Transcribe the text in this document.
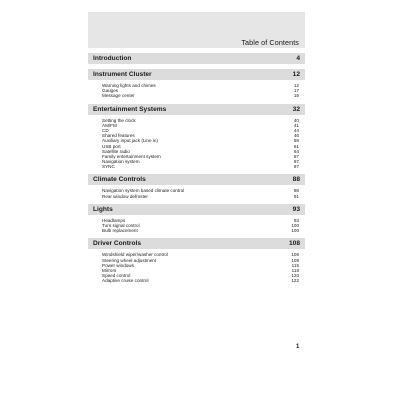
Table of Contents
Introduction	4
Instrument Cluster	12
Warning lights and chimes	12
Gauges	17
Message center	19
Entertainment Systems	32
Setting the clock	40
AM/FM	41
CD	44
Shared features	46
Auxiliary input jack (Line in)	59
USB port	61
Satellite radio	64
Family entertainment system	67
Navigation system	87
SYNC	87
Climate Controls	88
Navigation system based climate control	88
Rear window defroster	91
Lights	93
Headlamps	93
Turn signal control	100
Bulb replacement	100
Driver Controls	108
Windshield wiper/washer control	106
Steering wheel adjustment	109
Power windows	115
Mirrors	118
Speed control	120
Adaptive cruise control	122
1
